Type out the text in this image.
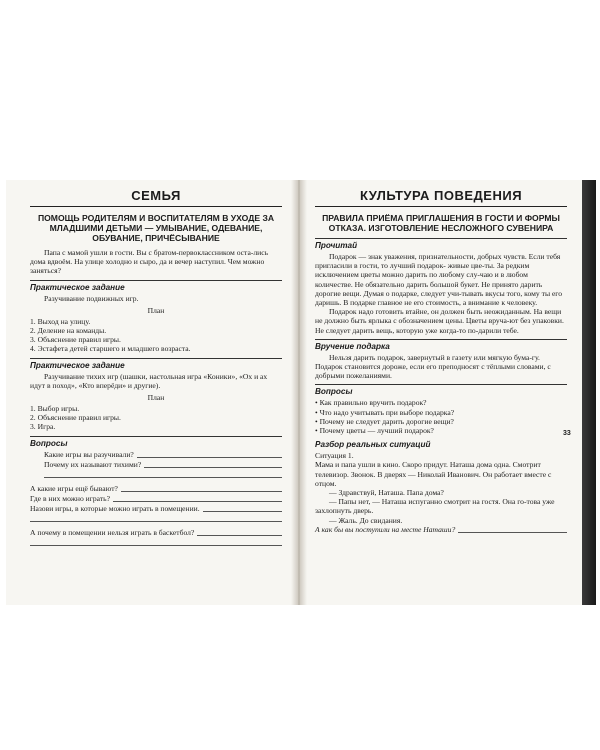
СЕМЬЯ
ПОМОЩЬ РОДИТЕЛЯМ И ВОСПИТАТЕЛЯМ В УХОДЕ ЗА МЛАДШИМИ ДЕТЬМИ — УМЫВАНИЕ, ОДЕВАНИЕ, ОБУВАНИЕ, ПРИЧЁСЫВАНИЕ

Папа с мамой ушли в гости. Вы с братом-первоклассником оста-лись дома вдвоём. На улице холодно и сыро, да и вечер наступил. Чем можно заняться?

Практическое задание

Разучивание подвижных игр.

План
1. Выход на улицу.
2. Деление на команды.
3. Объяснение правил игры.
4. Эстафета детей старшего и младшего возраста.
Практическое задание

Разучивание тихих игр (шашки, настольная игра «Коники», «Ох и ах идут в поход», «Кто вперёди» и другие).

План
1. Выбор игры.
2. Объяснение правил игры.
3. Игра.
Вопросы
Какие игры вы разучивали?
Почему их называют тихими?
А какие игры ещё бывают?
Где в них можно играть?
Назови игры, в которые можно играть в помещении.
А почему в помещении нельзя играть в баскетбол?
КУЛЬТУРА ПОВЕДЕНИЯ
ПРАВИЛА ПРИЁМА ПРИГЛАШЕНИЯ В ГОСТИ И ФОРМЫ ОТКАЗА. ИЗГОТОВЛЕНИЕ НЕСЛОЖНОГО СУВЕНИРА
Прочитай

Подарок — знак уважения, признательности, добрых чувств. Если тебя пригласили в гости, то лучший подарок- живые цве-ты. За редким исключением цветы можно дарить по любому слу-чаю и в любом количестве. Не обязательно дарить большой букет. Не принято дарить дорогие вещи. Думая о подарке, следует учи-тывать вкусы того, кому ты его даришь. В подарке главное не его стоимость, а внимание к человеку.

Подарок надо готовить втайне, он должен быть неожиданным. На вещи не должно быть ярлыка с обозначением цены. Цветы вруча-ют без упаковки. Не следует дарить вещь, которую уже когда-то по-дарили тебе.

Вручение подарка

Нельзя дарить подарок, завернутый в газету или мягкую бума-гу. Подарок становится дороже, если его преподносят с тёплыми словами, с добрыми пожеланиями.

Вопросы
• Как правильно вручить подарок?
• Что надо учитывать при выборе подарка?
• Почему не следует дарить дорогие вещи?
• Почему цветы — лучший подарок?
Разбор реальных ситуаций
Ситуация 1.

Мама и папа ушли в кино. Скоро придут. Наташа дома одна. Смотрит телевизор. Звонок. В дверях — Николай Иванович. Он работает вместе с отцом.

— Здравствуй, Наташа. Папа дома?

— Папы нет, — Наташа испуганно смотрит на гостя. Она го-това уже захлопнуть дверь.

— Жаль. До свидания.

А как бы вы поступили на месте Наташи?
33
